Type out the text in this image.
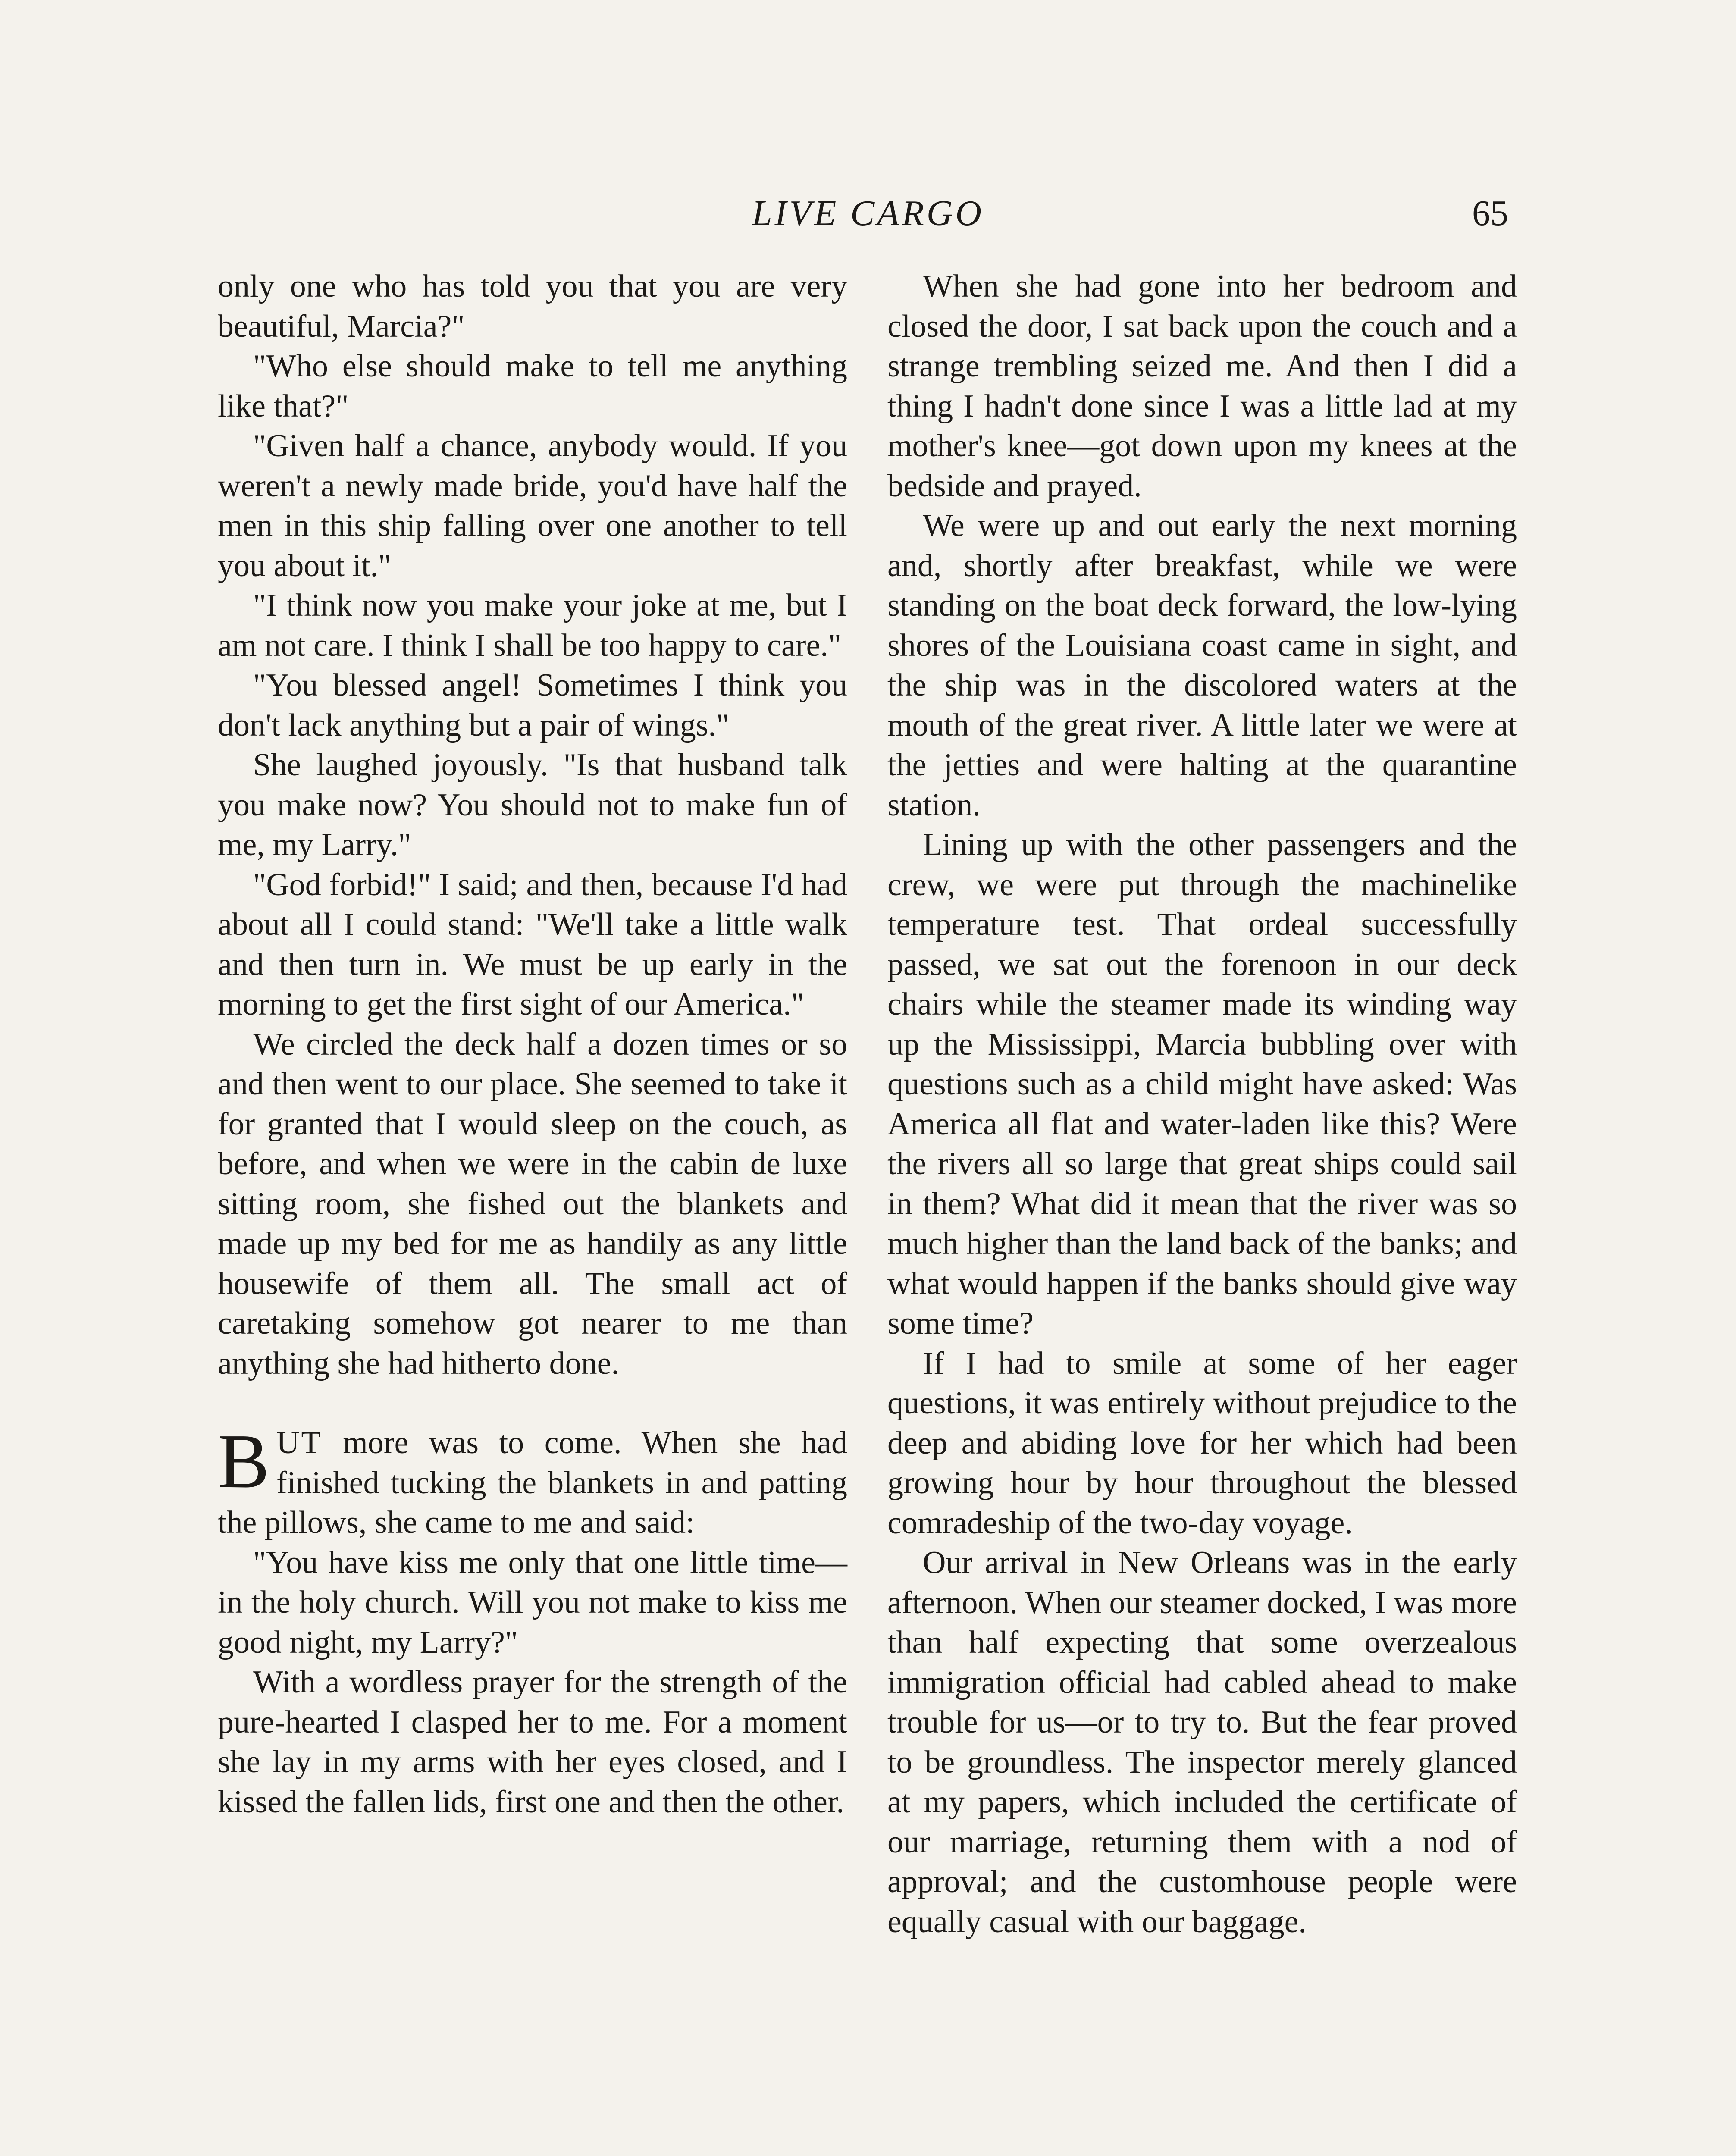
LIVE CARGO	65

only one who has told you that you are very beautiful, Marcia?"

"Who else should make to tell me anything like that?"

"Given half a chance, anybody would. If you weren't a newly made bride, you'd have half the men in this ship falling over one another to tell you about it."

"I think now you make your joke at me, but I am not care. I think I shall be too happy to care."

"You blessed angel! Sometimes I think you don't lack anything but a pair of wings."

She laughed joyously. "Is that husband talk you make now? You should not to make fun of me, my Larry."

"God forbid!" I said; and then, because I'd had about all I could stand: "We'll take a little walk and then turn in. We must be up early in the morning to get the first sight of our America."

We circled the deck half a dozen times or so and then went to our place. She seemed to take it for granted that I would sleep on the couch, as before, and when we were in the cabin de luxe sitting room, she fished out the blankets and made up my bed for me as handily as any little housewife of them all. The small act of caretaking somehow got nearer to me than anything she had hitherto done.

BUT more was to come. When she had finished tucking the blankets in and patting the pillows, she came to me and said:

"You have kiss me only that one little time—in the holy church. Will you not make to kiss me good night, my Larry?"

With a wordless prayer for the strength of the pure-hearted I clasped her to me. For a moment she lay in my arms with her eyes closed, and I kissed the fallen lids, first one and then the other.

When she had gone into her bedroom and closed the door, I sat back upon the couch and a strange trembling seized me. And then I did a thing I hadn't done since I was a little lad at my mother's knee—got down upon my knees at the bedside and prayed.

We were up and out early the next morning and, shortly after breakfast, while we were standing on the boat deck forward, the low-lying shores of the Louisiana coast came in sight, and the ship was in the discolored waters at the mouth of the great river. A little later we were at the jetties and were halting at the quarantine station.

Lining up with the other passengers and the crew, we were put through the machinelike temperature test. That ordeal successfully passed, we sat out the forenoon in our deck chairs while the steamer made its winding way up the Mississippi, Marcia bubbling over with questions such as a child might have asked: Was America all flat and water-laden like this? Were the rivers all so large that great ships could sail in them? What did it mean that the river was so much higher than the land back of the banks; and what would happen if the banks should give way some time?

If I had to smile at some of her eager questions, it was entirely without prejudice to the deep and abiding love for her which had been growing hour by hour throughout the blessed comradeship of the two-day voyage.

Our arrival in New Orleans was in the early afternoon. When our steamer docked, I was more than half expecting that some overzealous immigration official had cabled ahead to make trouble for us—or to try to. But the fear proved to be groundless. The inspector merely glanced at my papers, which included the certificate of our marriage, returning them with a nod of approval; and the customhouse people were equally casual with our baggage.
